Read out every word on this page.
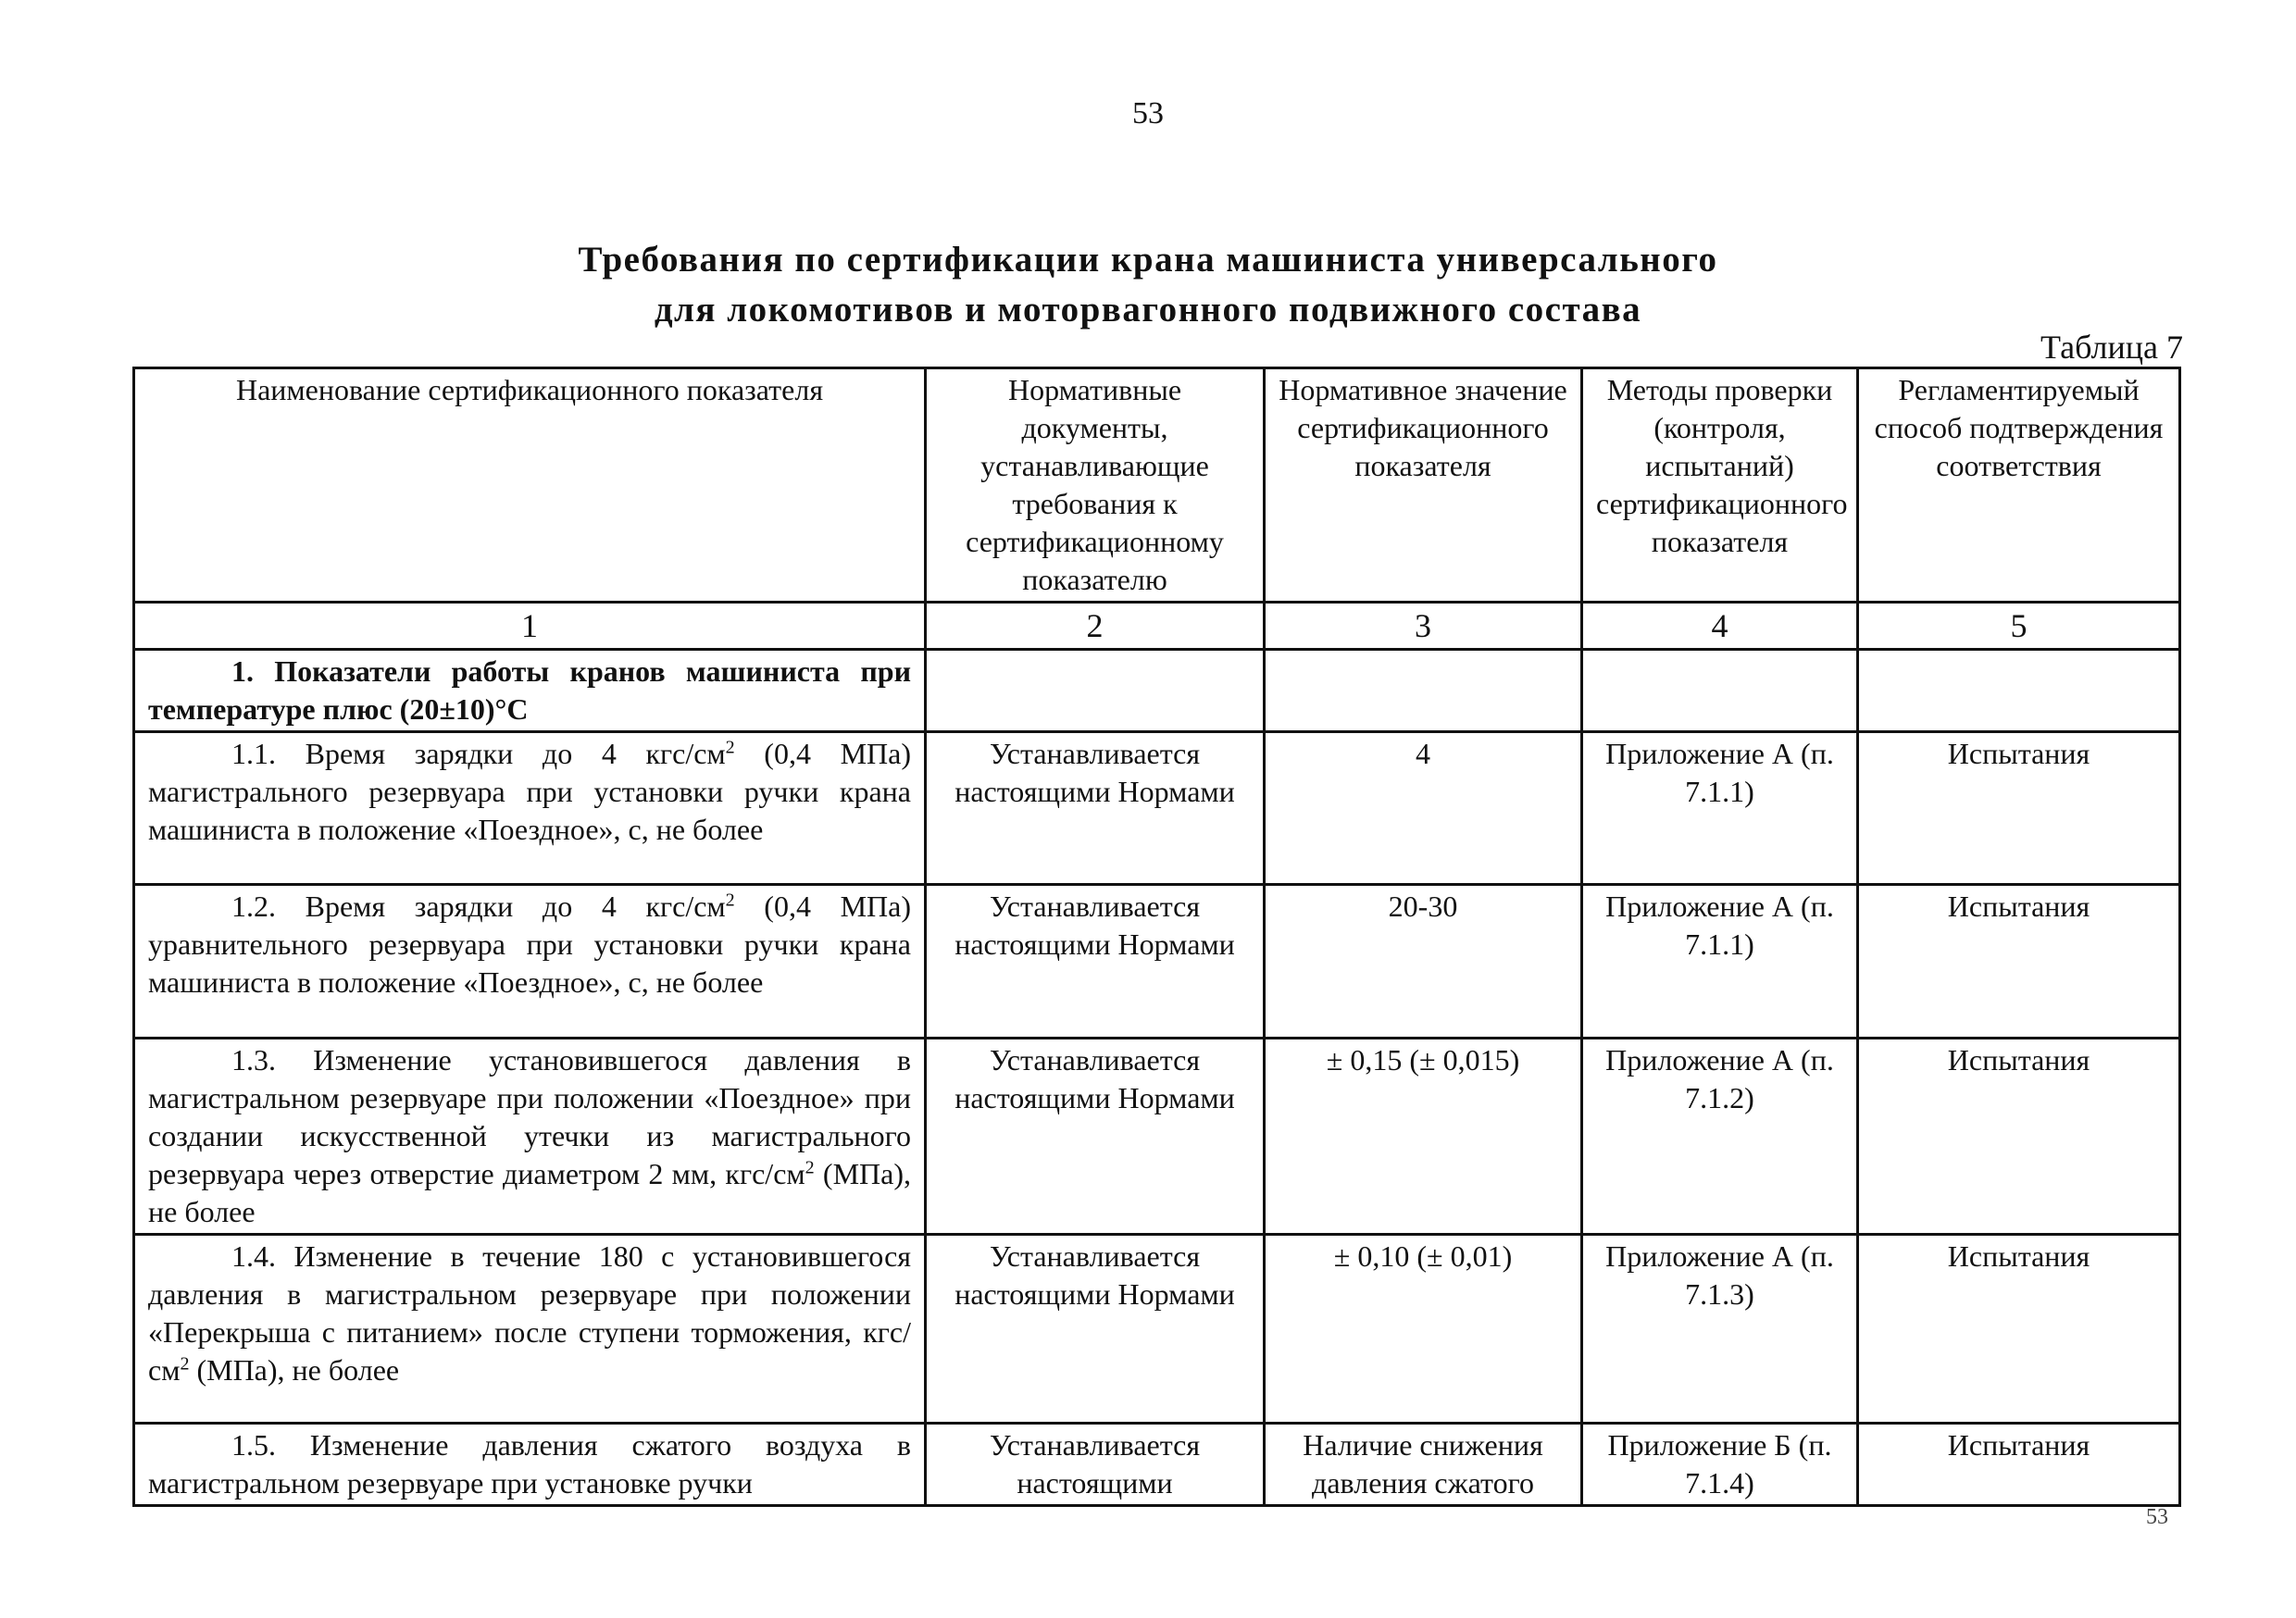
53
Требования по сертификации крана машиниста универсального
для локомотивов и моторвагонного подвижного состава
Таблица 7
Наименование сертификационного показателя	Нормативные документы, устанавливающие требования к сертификационному показателю	Нормативное значение сертификационного показателя	Методы проверки (контроля, испытаний) сертификационного показателя	Регламентируемый способ подтверждения соответствия
1	2	3	4	5
1. Показатели работы кранов машиниста при температуре плюс (20±10)°С				
1.1. Время зарядки до 4 кгс/$см^2$ (0,4 МПа) магистрального резервуара при установки ручки крана машиниста в положение «Поездное», с, не более	Устанавливается настоящими Нормами	4	Приложение А (п. 7.1.1)	Испытания
1.2. Время зарядки до 4 кгс/$см^2$ (0,4 МПа) уравнительного резервуара при установки ручки крана машиниста в положение «Поездное», с, не более	Устанавливается настоящими Нормами	20-30	Приложение А (п. 7.1.1)	Испытания
1.3. Изменение установившегося давления в магистральном резервуаре при положении «Поездное» при создании искусственной утечки из магистрального резервуара через отверстие диаметром 2 мм, кгс/$см^2$ (МПа), не более	Устанавливается настоящими Нормами	± 0,15 (± 0,015)	Приложение А (п. 7.1.2)	Испытания
1.4. Изменение в течение 180 с установившегося давления в магистральном резервуаре при положении «Перекрыша с питанием» после ступени торможения, кгс/$см^2$ (МПа), не более	Устанавливается настоящими Нормами	± 0,10 (± 0,01)	Приложение А (п. 7.1.3)	Испытания
1.5. Изменение давления сжатого воздуха в магистральном резервуаре при установке ручки	Устанавливается настоящими	Наличие снижения давления сжатого	Приложение Б (п. 7.1.4)	Испытания
53
